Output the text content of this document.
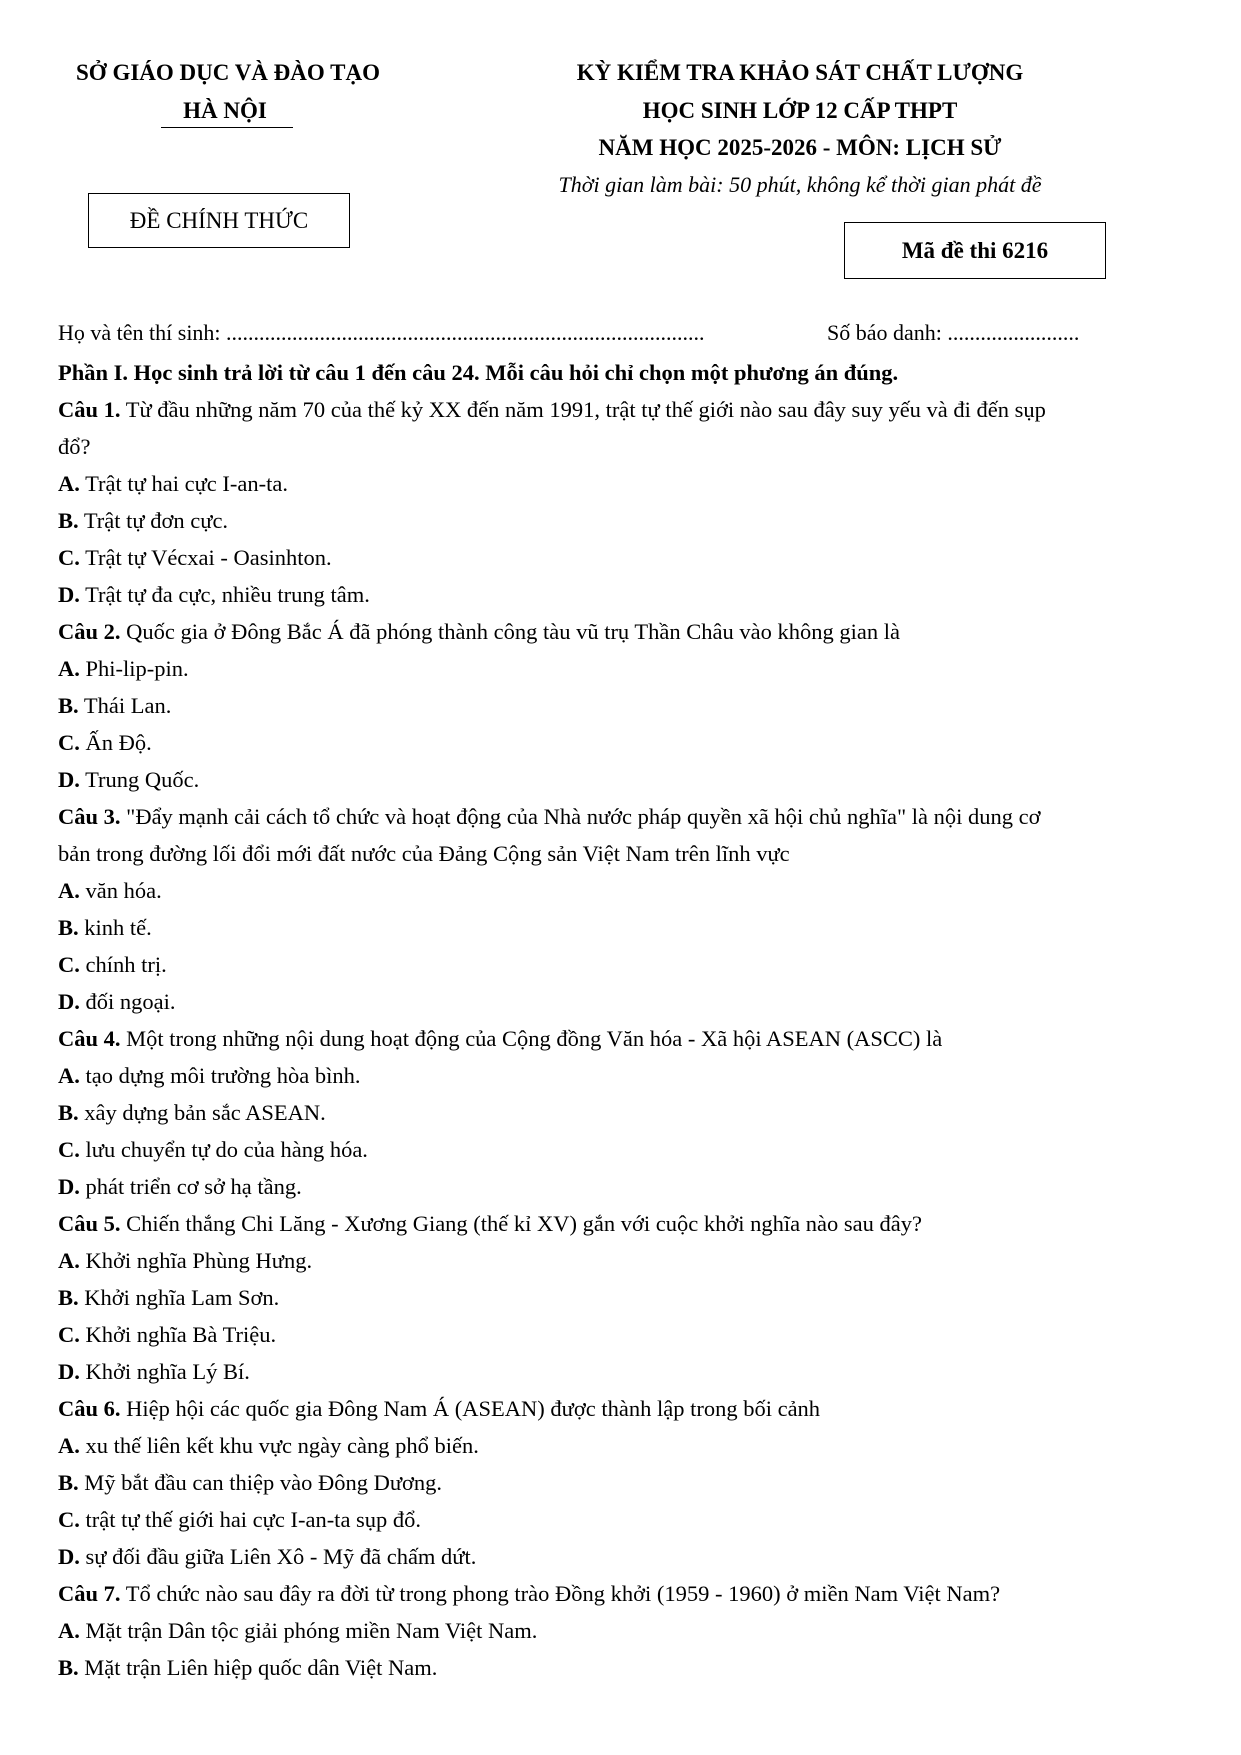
SỞ GIÁO DỤC VÀ ĐÀO TẠO
HÀ NỘI
KỲ KIỂM TRA KHẢO SÁT CHẤT LƯỢNG
HỌC SINH LỚP 12 CẤP THPT
NĂM HỌC 2025-2026 - MÔN: LỊCH SỬ
Thời gian làm bài: 50 phút, không kể thời gian phát đề
ĐỀ CHÍNH THỨC
Mã đề thi 6216
Họ và tên thí sinh: .......................................................................................	Số báo danh: ........................
Phần I. Học sinh trả lời từ câu 1 đến câu 24. Mỗi câu hỏi chỉ chọn một phương án đúng.
Câu 1. Từ đầu những năm 70 của thế kỷ XX đến năm 1991, trật tự thế giới nào sau đây suy yếu và đi đến sụp
đổ?
A. Trật tự hai cực I-an-ta.
B. Trật tự đơn cực.
C. Trật tự Vécxai - Oasinhton.
D. Trật tự đa cực, nhiều trung tâm.
Câu 2. Quốc gia ở Đông Bắc Á đã phóng thành công tàu vũ trụ Thần Châu vào không gian là
A. Phi-lip-pin.
B. Thái Lan.
C. Ấn Độ.
D. Trung Quốc.
Câu 3. "Đẩy mạnh cải cách tổ chức và hoạt động của Nhà nước pháp quyền xã hội chủ nghĩa" là nội dung cơ
bản trong đường lối đổi mới đất nước của Đảng Cộng sản Việt Nam trên lĩnh vực
A. văn hóa.
B. kinh tế.
C. chính trị.
D. đối ngoại.
Câu 4. Một trong những nội dung hoạt động của Cộng đồng Văn hóa - Xã hội ASEAN (ASCC) là
A. tạo dựng môi trường hòa bình.
B. xây dựng bản sắc ASEAN.
C. lưu chuyển tự do của hàng hóa.
D. phát triển cơ sở hạ tầng.
Câu 5. Chiến thắng Chi Lăng - Xương Giang (thế kỉ XV) gắn với cuộc khởi nghĩa nào sau đây?
A. Khởi nghĩa Phùng Hưng.
B. Khởi nghĩa Lam Sơn.
C. Khởi nghĩa Bà Triệu.
D. Khởi nghĩa Lý Bí.
Câu 6. Hiệp hội các quốc gia Đông Nam Á (ASEAN) được thành lập trong bối cảnh
A. xu thế liên kết khu vực ngày càng phổ biến.
B. Mỹ bắt đầu can thiệp vào Đông Dương.
C. trật tự thế giới hai cực I-an-ta sụp đổ.
D. sự đối đầu giữa Liên Xô - Mỹ đã chấm dứt.
Câu 7. Tổ chức nào sau đây ra đời từ trong phong trào Đồng khởi (1959 - 1960) ở miền Nam Việt Nam?
A. Mặt trận Dân tộc giải phóng miền Nam Việt Nam.
B. Mặt trận Liên hiệp quốc dân Việt Nam.
